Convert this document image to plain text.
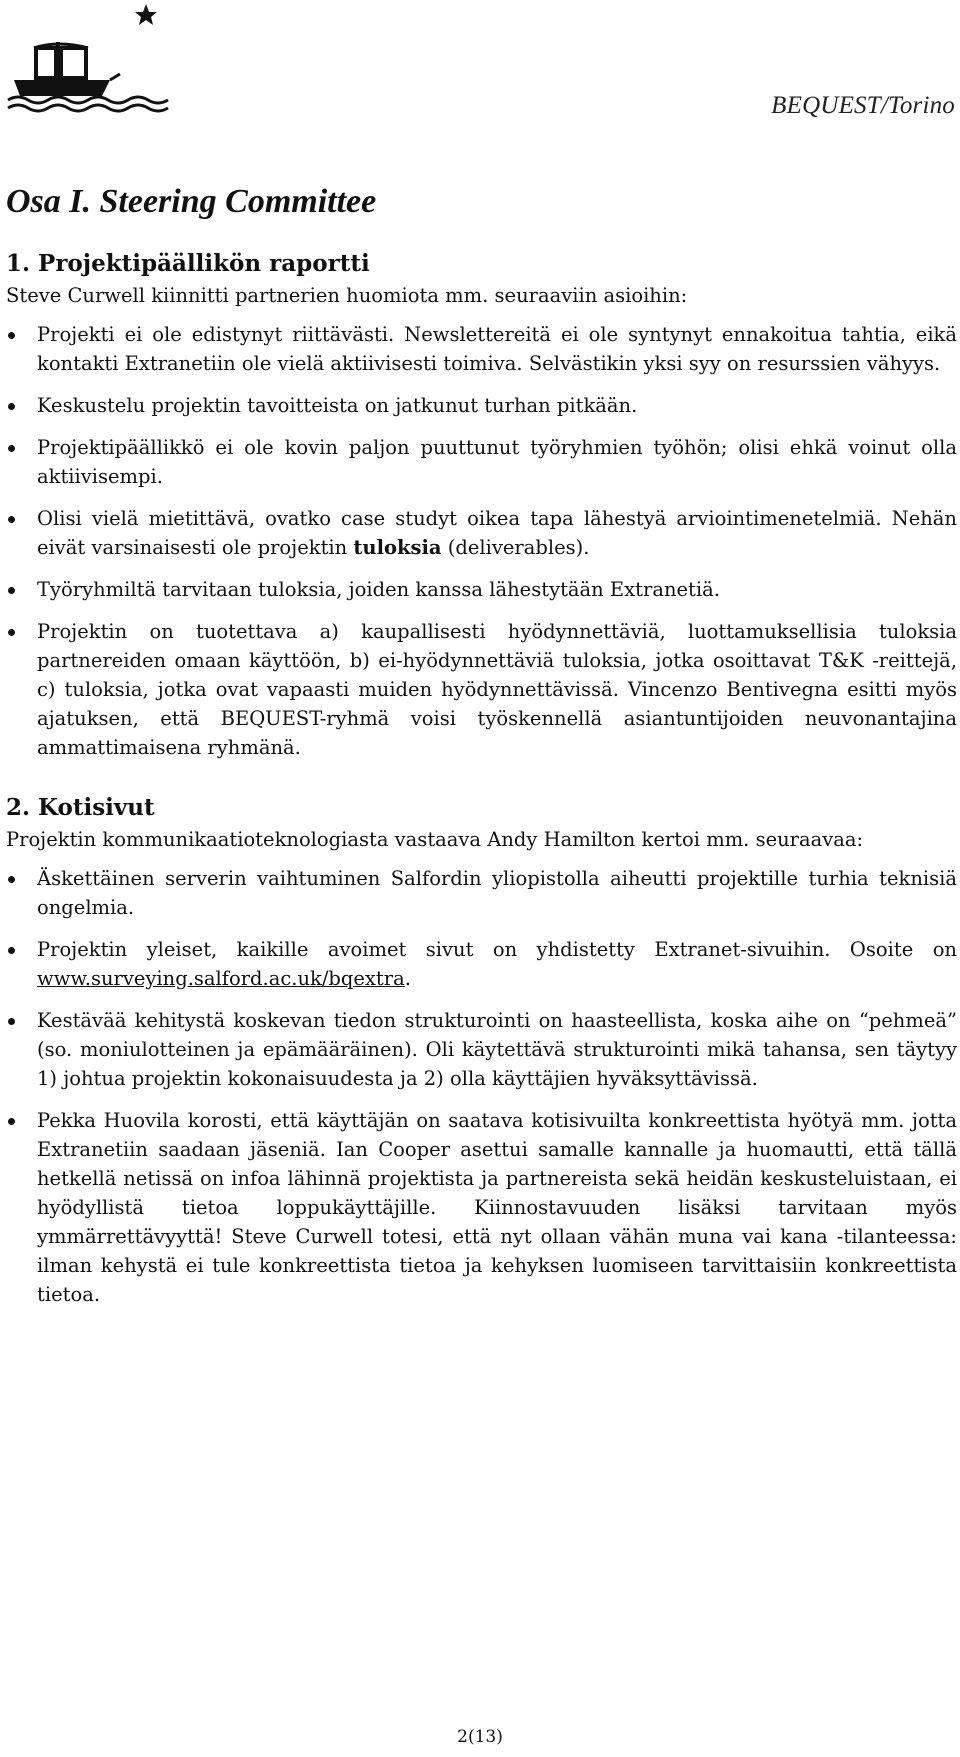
BEQUEST/Torino
Osa I. Steering Committee
1. Projektipäällikön raportti

Steve Curwell kiinnitti partnerien huomiota mm. seuraaviin asioihin:

Projekti ei ole edistynyt riittävästi. Newslettereitä ei ole syntynyt ennakoitua tahtia, eikä kontakti Extranetiin ole vielä aktiivisesti toimiva. Selvästikin yksi syy on resurssien vähyys.
Keskustelu projektin tavoitteista on jatkunut turhan pitkään.
Projektipäällikkö ei ole kovin paljon puuttunut työryhmien työhön; olisi ehkä voinut olla aktiivisempi.
Olisi vielä mietittävä, ovatko case studyt oikea tapa lähestyä arviointimenetelmiä. Nehän eivät varsinaisesti ole projektin tuloksia (deliverables).
Työryhmiltä tarvitaan tuloksia, joiden kanssa lähestytään Extranetiä.
Projektin on tuotettava a) kaupallisesti hyödynnettäviä, luottamuksellisia tuloksia partnereiden omaan käyttöön, b) ei-hyödynnettäviä tuloksia, jotka osoittavat T&K -reittejä, c) tuloksia, jotka ovat vapaasti muiden hyödynnettävissä. Vincenzo Bentivegna esitti myös ajatuksen, että BEQUEST-ryhmä voisi työskennellä asiantuntijoiden neuvonantajina ammattimaisena ryhmänä.
2. Kotisivut

Projektin kommunikaatioteknologiasta vastaava Andy Hamilton kertoi mm. seuraavaa:

Äskettäinen serverin vaihtuminen Salfordin yliopistolla aiheutti projektille turhia teknisiä ongelmia.
Projektin yleiset, kaikille avoimet sivut on yhdistetty Extranet-sivuihin. Osoite on www.surveying.salford.ac.uk/bqextra.
Kestävää kehitystä koskevan tiedon strukturointi on haasteellista, koska aihe on “pehmeä” (so. moniulotteinen ja epämääräinen). Oli käytettävä strukturointi mikä tahansa, sen täytyy 1) johtua projektin kokonaisuudesta ja 2) olla käyttäjien hyväksyttävissä.
Pekka Huovila korosti, että käyttäjän on saatava kotisivuilta konkreettista hyötyä mm. jotta Extranetiin saadaan jäseniä. Ian Cooper asettui samalle kannalle ja huomautti, että tällä hetkellä netissä on infoa lähinnä projektista ja partnereista sekä heidän keskusteluistaan, ei hyödyllistä tietoa loppukäyttäjille. Kiinnostavuuden lisäksi tarvitaan myös ymmärrettävyyttä! Steve Curwell totesi, että nyt ollaan vähän muna vai kana -tilanteessa: ilman kehystä ei tule konkreettista tietoa ja kehyksen luomiseen tarvittaisiin konkreettista tietoa.
2(13)
